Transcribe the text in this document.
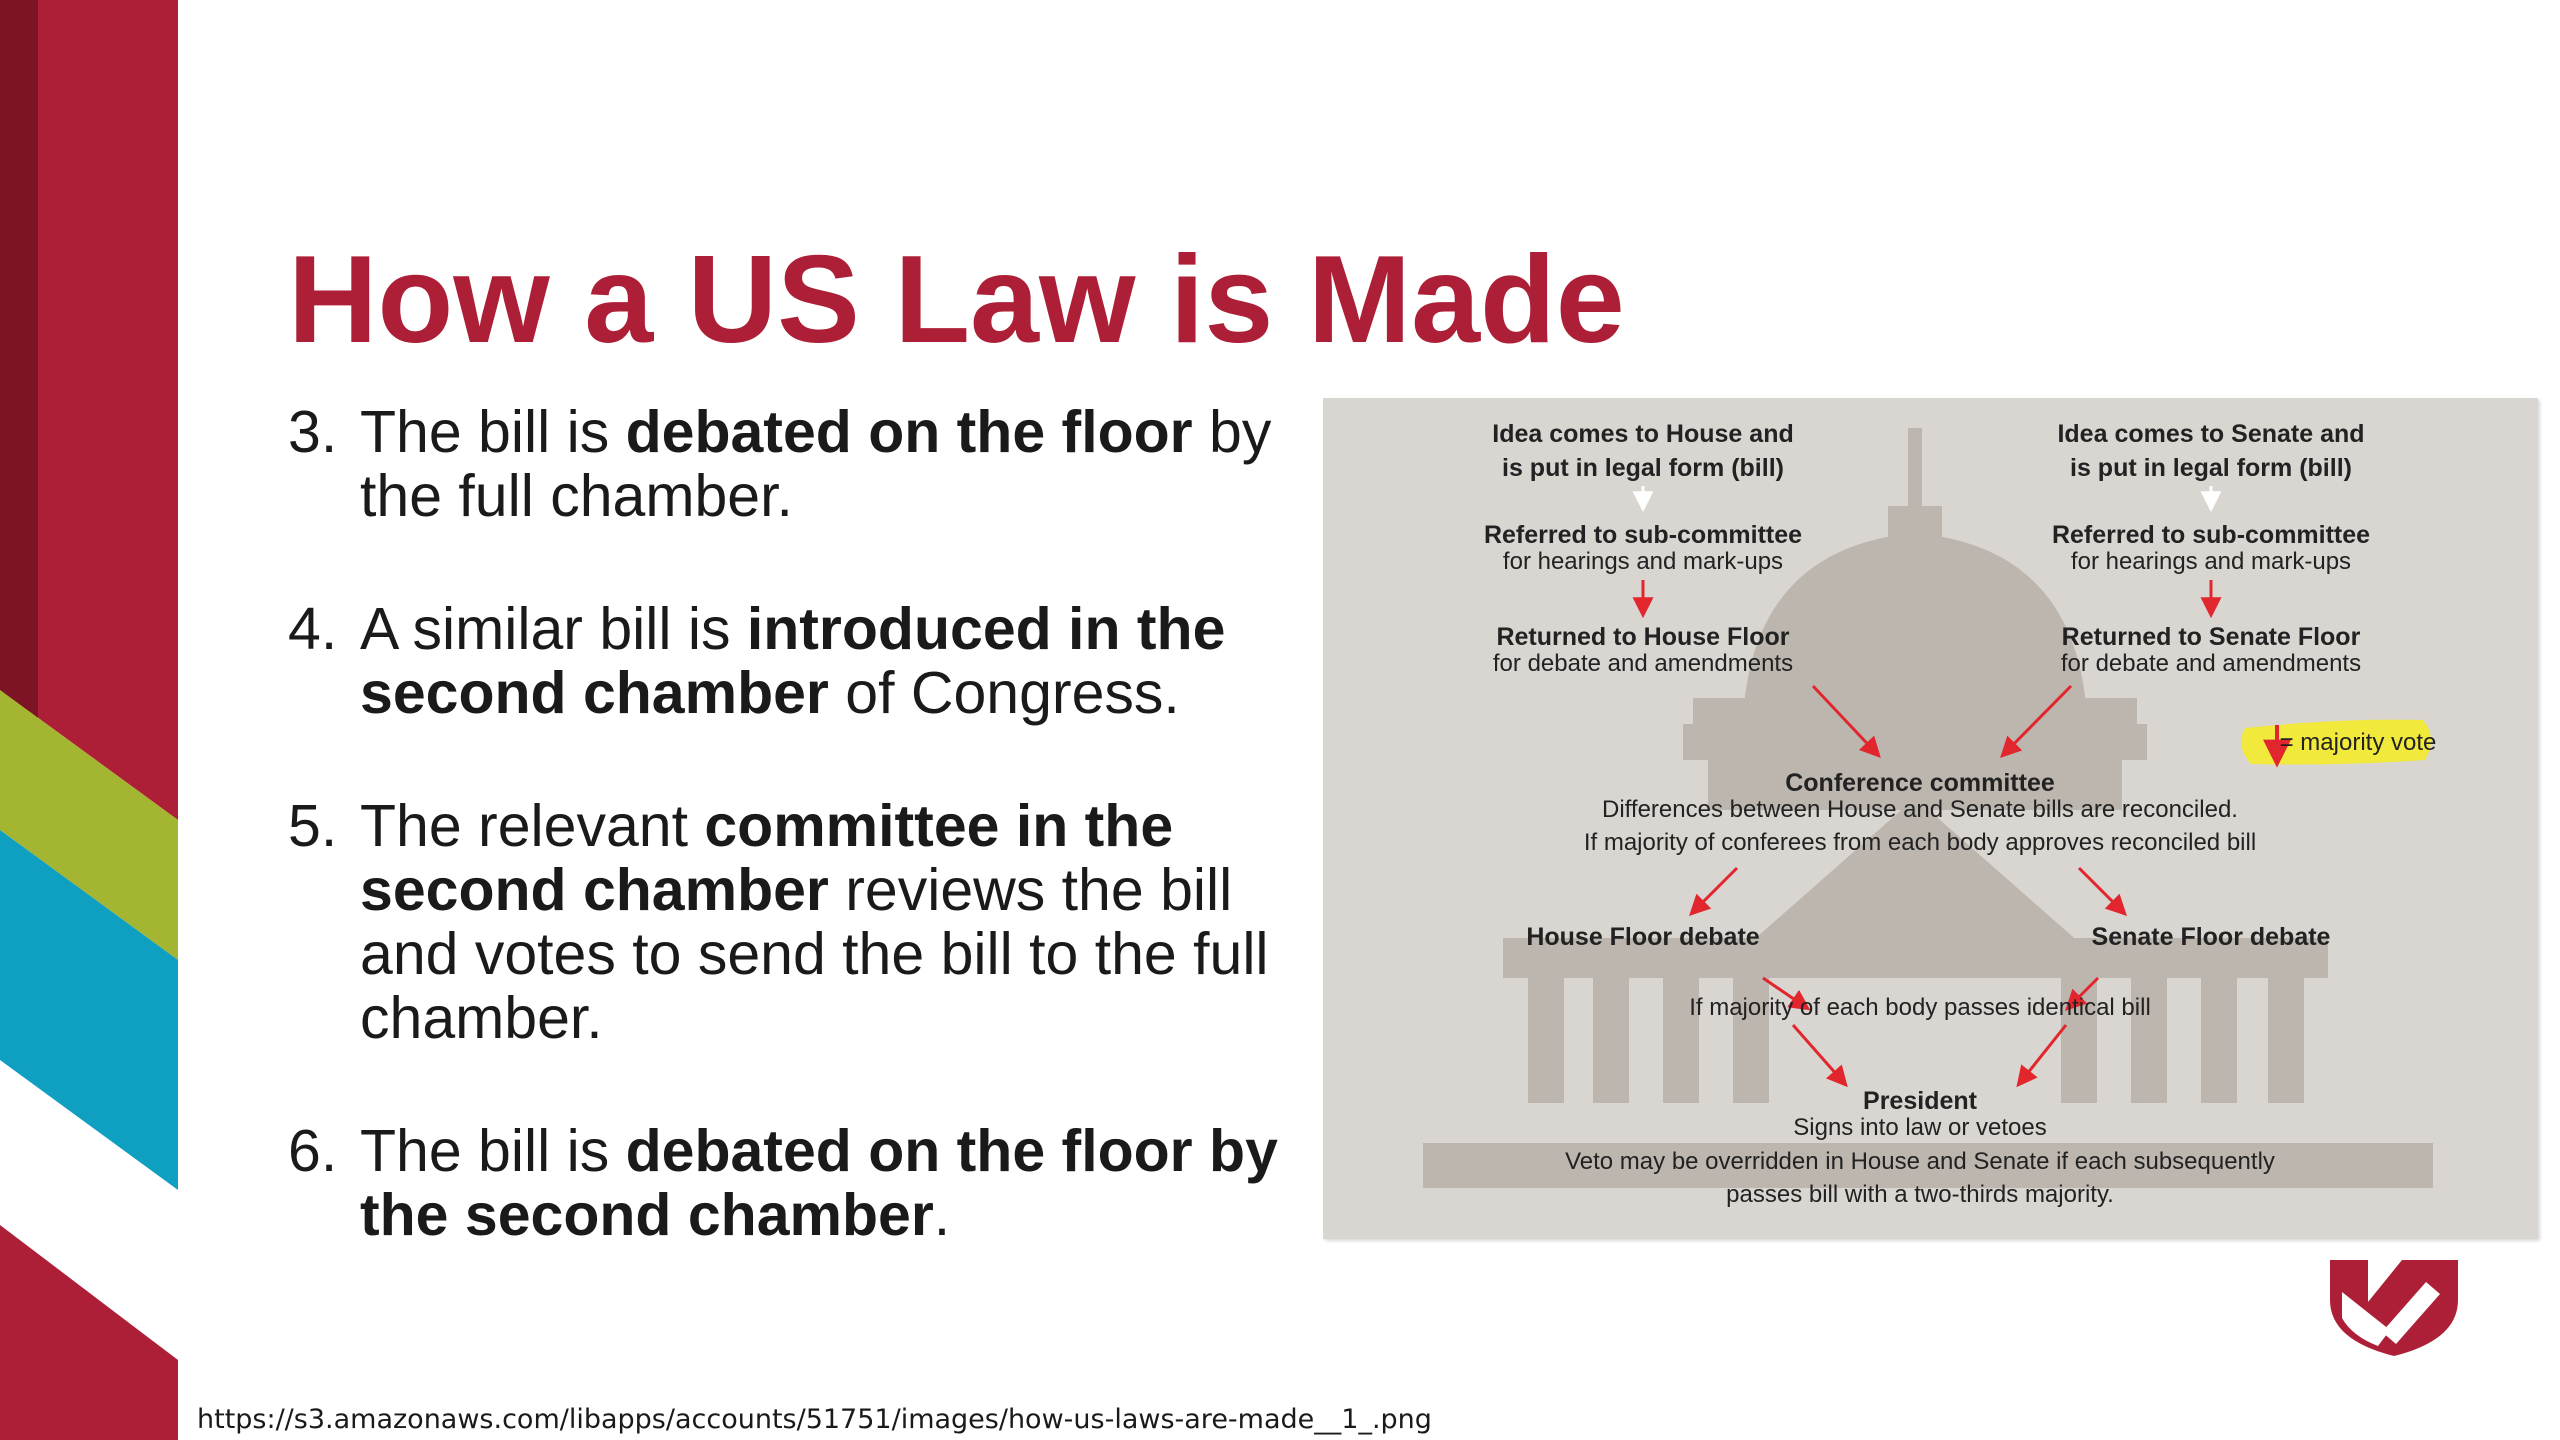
How a US Law is Made
3. The bill is debated on the floor by the full chamber.
4. A similar bill is introduced in the second chamber of Congress.
5. The relevant committee in the second chamber reviews the bill and votes to send the bill to the full chamber.
6. The bill is debated on the floor by the second chamber.
Idea comes to House and
is put in legal form (bill)
Idea comes to Senate and
is put in legal form (bill)
Referred to sub-committee
for hearings and mark-ups
Referred to sub-committee
for hearings and mark-ups
Returned to House Floor
for debate and amendments
Returned to Senate Floor
for debate and amendments
= majority vote
Conference committee
Differences between House and Senate bills are reconciled.
If majority of conferees from each body approves reconciled bill
House Floor debate	Senate Floor debate
If majority of each body passes identical bill
President
Signs into law or vetoes
Veto may be overridden in House and Senate if each subsequently
passes bill with a two-thirds majority.
https://s3.amazonaws.com/libapps/accounts/51751/images/how-us-laws-are-made__1_.png
